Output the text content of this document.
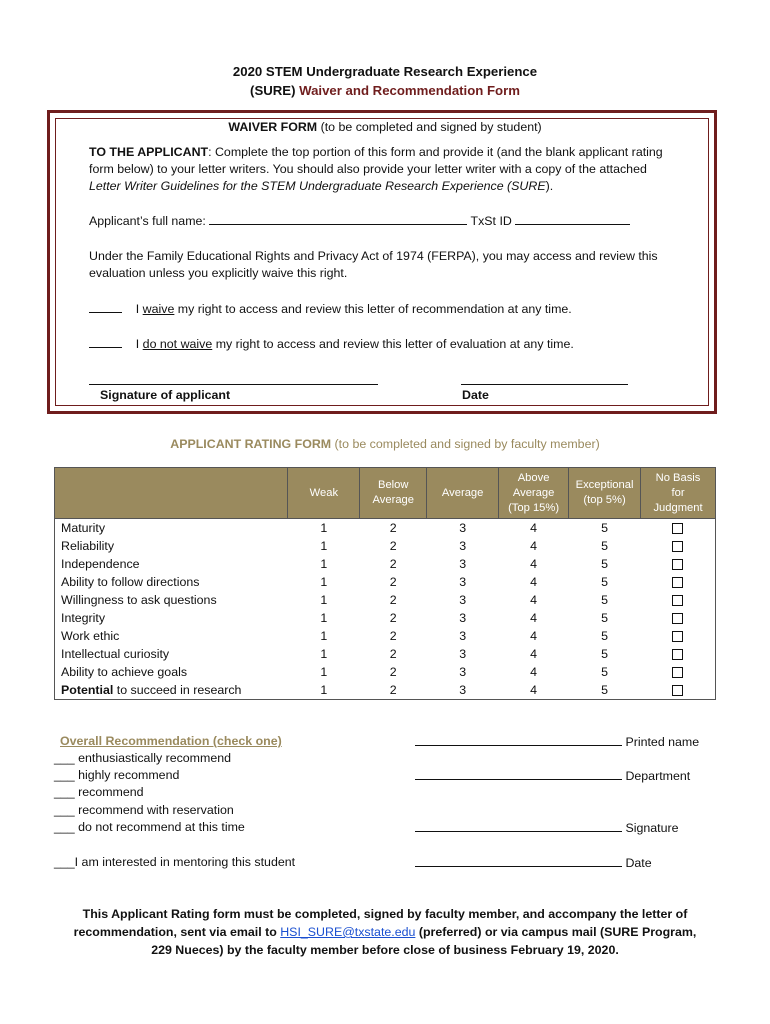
2020 STEM Undergraduate Research Experience
(SURE) Waiver and Recommendation Form
WAIVER FORM (to be completed and signed by student)
TO THE APPLICANT: Complete the top portion of this form and provide it (and the blank applicant rating
form below) to your letter writers. You should also provide your letter writer with a copy of the attached
Letter Writer Guidelines for the STEM Undergraduate Research Experience (SURE).
Applicant’s full name:	TxSt ID
Under the Family Educational Rights and Privacy Act of 1974 (FERPA), you may access and review this
evaluation unless you explicitly waive this right.
I waive my right to access and review this letter of recommendation at any time.
I do not waive my right to access and review this letter of evaluation at any time.
Signature of applicant	Date
APPLICANT RATING FORM (to be completed and signed by faculty member)
	Weak	Below Average	Average	Above Average (Top 15%)	Exceptional (top 5%)	No Basis for Judgment

Maturity	1	2	3	4	5	
Reliability	1	2	3	4	5	
Independence	1	2	3	4	5	
Ability to follow directions	1	2	3	4	5	
Willingness to ask questions	1	2	3	4	5	
Integrity	1	2	3	4	5	
Work ethic	1	2	3	4	5	
Intellectual curiosity	1	2	3	4	5	
Ability to achieve goals	1	2	3	4	5	
Potential to succeed in research	1	2	3	4	5	
Overall Recommendation (check one)
___ enthusiastically recommend
___ highly recommend
___ recommend
___ recommend with reservation
___ do not recommend at this time
___I am interested in mentoring this student
Printed name
Department
Signature
Date
This Applicant Rating form must be completed, signed by faculty member, and accompany the letter of
recommendation, sent via email to HSI_SURE@txstate.edu (preferred) or via campus mail (SURE Program,
229 Nueces) by the faculty member before close of business February 19, 2020.
